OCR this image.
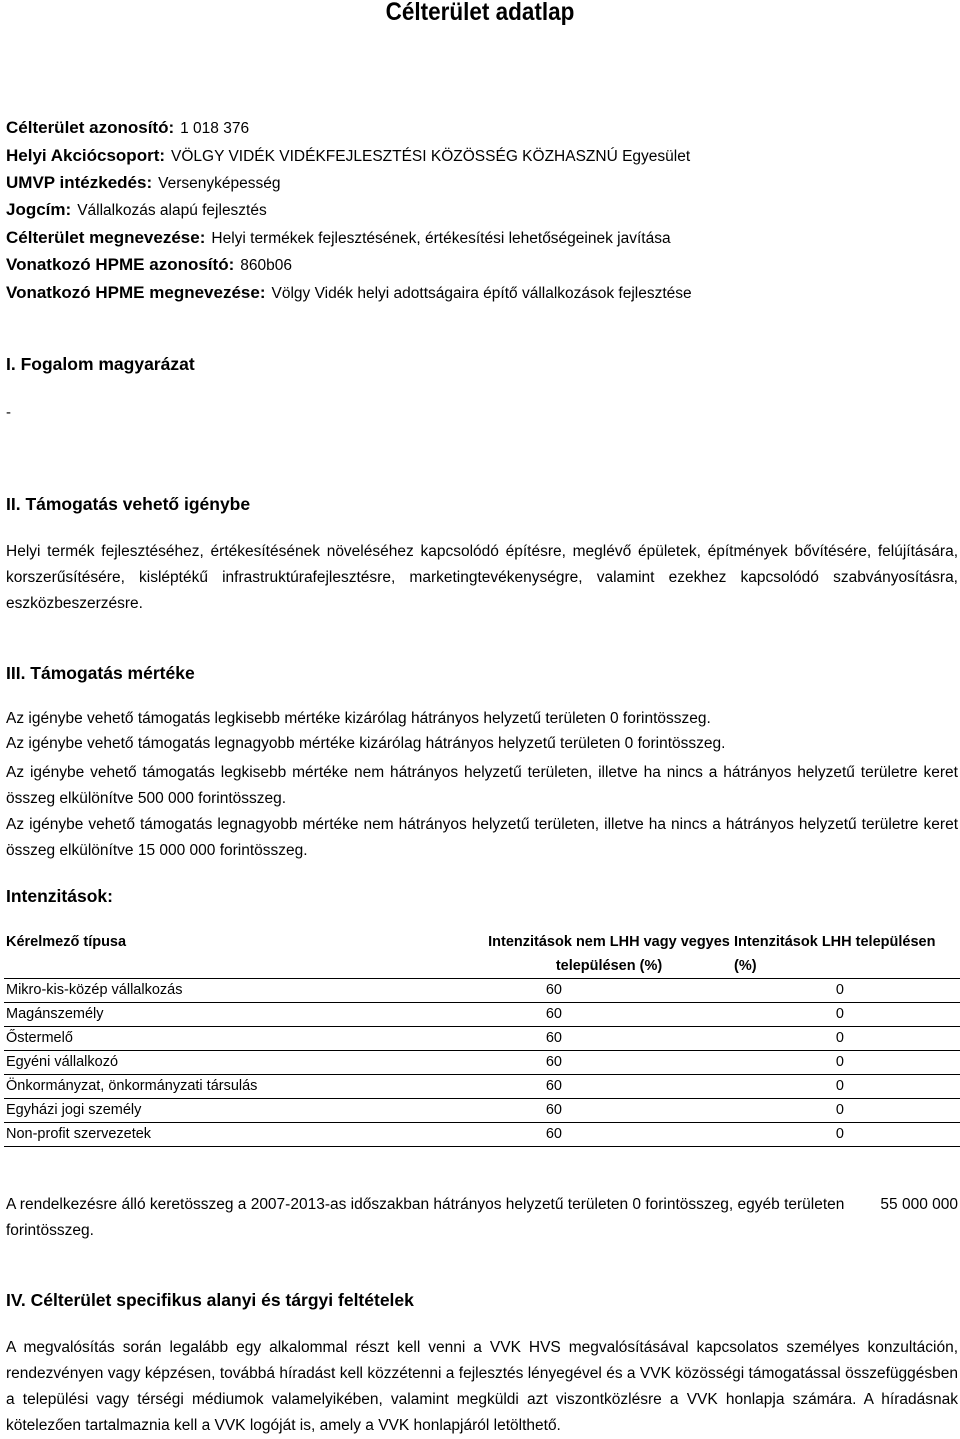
Célterület adatlap
Célterület azonosító: 1 018 376
Helyi Akciócsoport: VÖLGY VIDÉK VIDÉKFEJLESZTÉSI KÖZÖSSÉG KÖZHASZNÚ Egyesület
UMVP intézkedés: Versenyképesség
Jogcím: Vállalkozás alapú fejlesztés
Célterület megnevezése: Helyi termékek fejlesztésének, értékesítési lehetőségeinek javítása
Vonatkozó HPME azonosító: 860b06
Vonatkozó HPME megnevezése: Völgy Vidék helyi adottságaira építő vállalkozások fejlesztése
I. Fogalom magyarázat
-
II. Támogatás vehető igénybe
Helyi termék fejlesztéséhez, értékesítésének növeléséhez kapcsolódó építésre, meglévő épületek, építmények bővítésére, felújítására, korszerűsítésére, kisléptékű infrastruktúrafejlesztésre, marketingtevékenységre, valamint ezekhez kapcsolódó szabványosításra, eszközbeszerzésre.
III. Támogatás mértéke
Az igénybe vehető támogatás legkisebb mértéke kizárólag hátrányos helyzetű területen 0 forintösszeg.
Az igénybe vehető támogatás legnagyobb mértéke kizárólag hátrányos helyzetű területen 0 forintösszeg.
Az igénybe vehető támogatás legkisebb mértéke nem hátrányos helyzetű területen, illetve ha nincs a hátrányos helyzetű területre keret összeg elkülönítve 500 000 forintösszeg.
Az igénybe vehető támogatás legnagyobb mértéke nem hátrányos helyzetű területen, illetve ha nincs a hátrányos helyzetű területre keret összeg elkülönítve 15 000 000 forintösszeg.
Intenzitások:
Kérelmező típusa	Intenzitások nem LHH vagy vegyes településen (%)	Intenzitások LHH településen (%)
Mikro-kis-közép vállalkozás	60	0
Magánszemély	60	0
Őstermelő	60	0
Egyéni vállalkozó	60	0
Önkormányzat, önkormányzati társulás	60	0
Egyházi jogi személy	60	0
Non-profit szervezetek	60	0
A rendelkezésre álló keretösszeg a 2007-2013-as időszakban hátrányos helyzetű területen 0 forintösszeg, egyéb területen 55 000 000
forintösszeg.
IV. Célterület specifikus alanyi és tárgyi feltételek
A megvalósítás során legalább egy alkalommal részt kell venni a VVK HVS megvalósításával kapcsolatos személyes konzultáción, rendezvényen vagy képzésen, továbbá híradást kell közzétenni a fejlesztés lényegével és a VVK közösségi támogatással összefüggésben a települési vagy térségi médiumok valamelyikében, valamint megküldi azt viszontközlésre a VVK honlapja számára. A híradásnak kötelezően tartalmaznia kell a VVK logóját is, amely a VVK honlapjáról letölthető.
